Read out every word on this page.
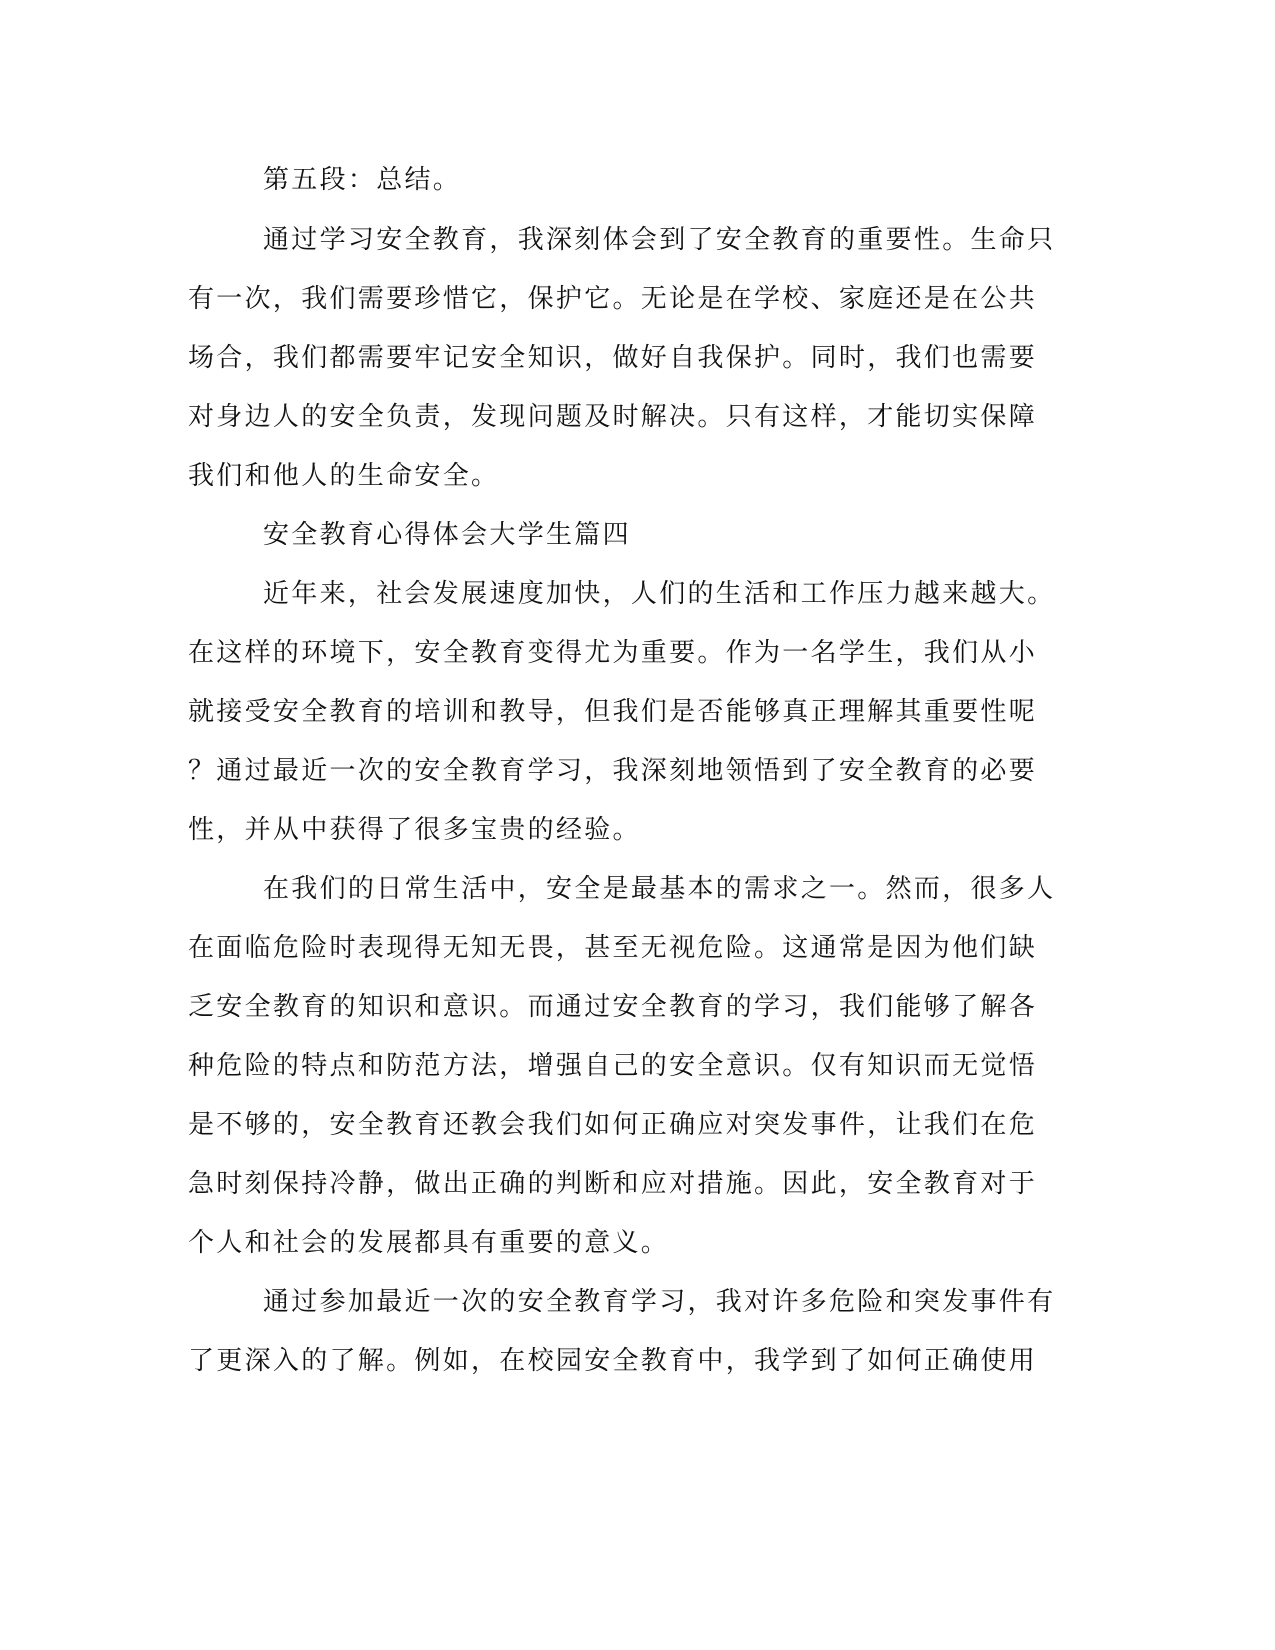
第五段：总结。

通过学习安全教育，我深刻体会到了安全教育的重要性。生命只

有一次，我们需要珍惜它，保护它。无论是在学校、家庭还是在公共

场合，我们都需要牢记安全知识，做好自我保护。同时，我们也需要

对身边人的安全负责，发现问题及时解决。只有这样，才能切实保障

我们和他人的生命安全。

安全教育心得体会大学生篇四

近年来，社会发展速度加快，人们的生活和工作压力越来越大。

在这样的环境下，安全教育变得尤为重要。作为一名学生，我们从小

就接受安全教育的培训和教导，但我们是否能够真正理解其重要性呢

？通过最近一次的安全教育学习，我深刻地领悟到了安全教育的必要

性，并从中获得了很多宝贵的经验。

在我们的日常生活中，安全是最基本的需求之一。然而，很多人

在面临危险时表现得无知无畏，甚至无视危险。这通常是因为他们缺

乏安全教育的知识和意识。而通过安全教育的学习，我们能够了解各

种危险的特点和防范方法，增强自己的安全意识。仅有知识而无觉悟

是不够的，安全教育还教会我们如何正确应对突发事件，让我们在危

急时刻保持冷静，做出正确的判断和应对措施。因此，安全教育对于

个人和社会的发展都具有重要的意义。

通过参加最近一次的安全教育学习，我对许多危险和突发事件有

了更深入的了解。例如，在校园安全教育中，我学到了如何正确使用
